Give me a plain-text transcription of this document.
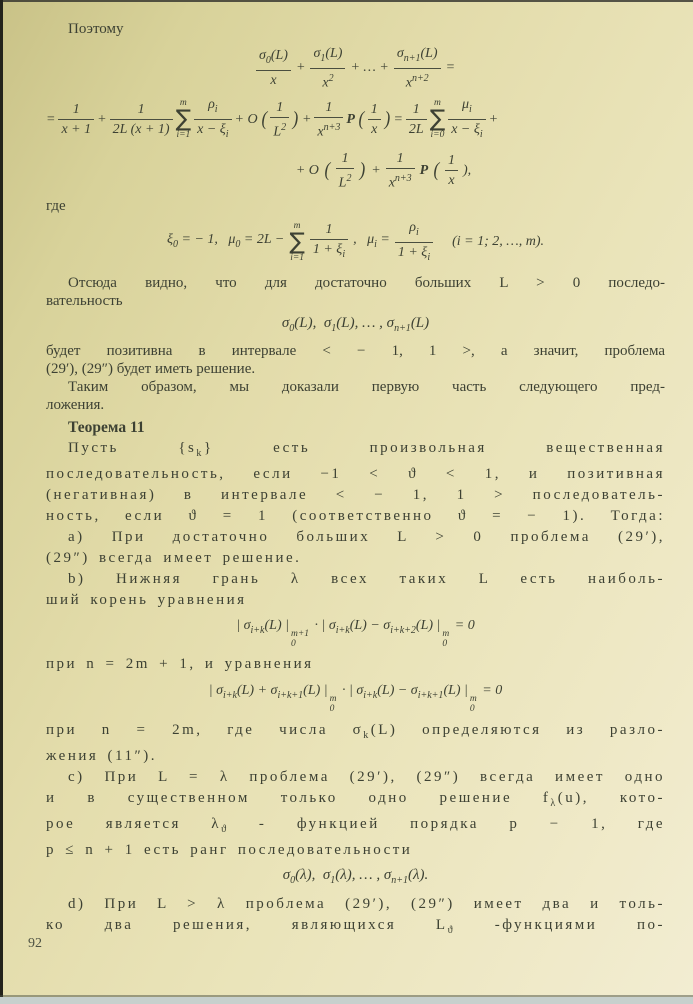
Поэтому
$\frac{\sigma_0(L)}{x} + \frac{\sigma_1(L)}{x^2}$ + … + $\frac{\sigma_{n+1}(L)}{x^{n+2}}$ =
= $\frac{1}{x + 1} + \frac{1}{2L (x + 1)}$ m
∑
$i=1 \frac{\rho_i}{x - \xi_i} + O$ ( $\frac{1}{L^2}$ ) + $\frac{1}{x^{n+3}}$ P ( $\frac{1}{x}$ ) = $\frac{1}{2L}$ m
∑
$i=0 \frac{\mu_i}{x - \xi_i}$ +
+ O ( $\frac{1}{L^2}$ ) + $\frac{1}{x^{n+3}}$ P ( $\frac{1}{x}$ ),
где
$\xi_0$ = − 1,   $\mu_0 = 2L$ −
m
∑
$i=1 \frac{1}{1 + \xi_i}$ ,   $\mu_i = \frac{\rho_i}{1 + \xi_i} (i = 1$; 2, …, m).
Отсюда видно, что для достаточно больших L > 0 последо-
вательность
$\sigma_0(L)$,  $\sigma_1(L)$, … , $\sigma_{n+1}(L)$
будет позитивна в интервале < − 1, 1 >, а значит, проблема
(29′), (29″) будет иметь решение.
Таким образом, мы доказали первую часть следующего пред-
ложения.
Теорема 11
Пусть $\{s_k\}$ есть произвольная вещественная
последовательность, если −1 < ϑ < 1, и позитивная
(негативная) в интервале < − 1, 1 > последователь-
ность, если ϑ = 1 (соответственно ϑ = − 1). Тогда:
а) При достаточно больших L > 0 проблема (29′),
(29″) всегда имеет решение.
b) Нижняя грань λ всех таких L есть наиболь-
ший корень уравнения
| $\sigma_{i+k}(L)$ |
m+1
0
· | $\sigma_{i+k}(L) - \sigma_{i+k+2}(L)$ |
m
0
= 0
при n = 2m + 1, и уравнения
| $\sigma_{i+k}(L) + \sigma_{i+k+1}(L)$ |
m
0
· | $\sigma_{i+k}(L) - \sigma_{i+k+1}(L)$ |
m
0
= 0
при n = 2m, где числа $\sigma_k(L)$ определяются из разло-
жения (11″).
с) При L = λ проблема (29′), (29″) всегда имеет одно
и в существенном только одно решение $f_\lambda(u)$, кото-
рое является $\lambda_ϑ$ - функцией порядка p − 1, где
p ≤ n + 1 есть ранг последовательности
$\sigma_0(\lambda)$,  $\sigma_1(\lambda)$, … , $\sigma_{n+1}(\lambda)$.
d) При L > λ проблема (29′), (29″) имеет два и толь-
ко два решения, являющихся $L_ϑ$ -функциями по-
92
